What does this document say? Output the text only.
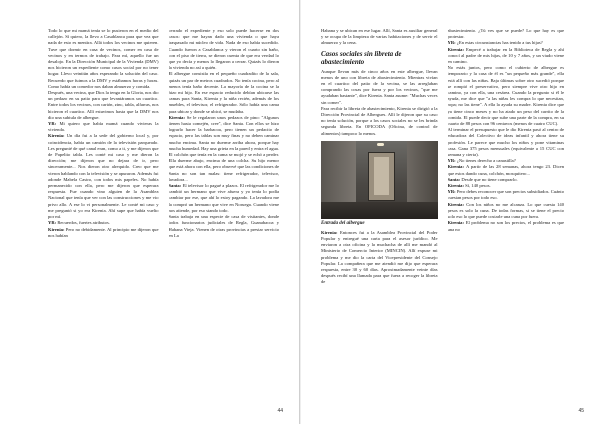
Todo lo que mi mamá tenía se lo pusieron en el medio del callejón. Sí quiero, la llevo a Casablanca para que vea que nada de esto es mentira. Allá todos los vecinos me quieren. Tuve que dormir en casa de vecinos, comer en casa de vecinos y en termos de trabajo. Para mí, aquello fue un desalojo. En la Dirección Municipal de la Vivienda (DMV) nos hicieron un expediente como casos social por no tener hogar. Llevo veintiún años esperando la solución del caso. Recuerdo que fuimos a la DMV y estábamos horas y horas. Como había un comedor nos daban almuerzo y comida.

Después, una vecina, que Dios la tenga en la Gloria, nos dio un pedazo en su patio para que levantáramos un cuartico. Entre todos los vecinos, con cartón, zinc, tabla, alfarras, nos hicieron el cuartico. Allí estuvimos hasta que la DMV nos dio una subtula de albergue.

YR: Mi quiero que había mamá cuando vivieras la vivienda.

Kirenia: Un día fui a la sede del gobierno local y, por coincidencia, había un camión de la televisión parqueado. Les pregunté de qué canal eran, como a ti, y me dijeron que de Papelito tabla. Les conté mi caso y me dieron la dirección; me dijeron que no dejara de ir, pero sinceramente... Nos dieron otro alrequido. Creo que me vieron hablando con la televisión y se apuraron. Además fui adonde Mabela Castro, con todos mis papeles. No había permanecido con ella, pero me dijeron que esperara respuesta. Fue cuando vino alguien de la Asamblea Nacional que tenía que ver con las construcciones y me vio privo allo. A ese lo vi personalmente. Le conté mi caso y me preguntó si yo era Kirenia. Ahí supe que había vuelto por mí.

YR: Recuerdos, fuertes atributos.

Kirenia: Pero no debidamente. Al principio me dijeron que nos habían

cerrado el expediente y eso solo puede hacerse en dos casos: que me hayan dado una vivienda o que haya traspasado mi núcleo de vida. Nada de eso había sucedido. Cuando fueron a Casablanca y vieron el cuarto sin baño, con el piso de tierra, se dieron cuenta de que era verdad lo que yo decía y menos lo llegaron a cerrar. Quizás lo dieron la vivienda no así a quién.

El albergue consistía en el pequeño cuadradito de la sala, quizás un par de metros cuadrados. No tenía cocina, pero al menos tenía baño decente. La mayoría de la cocina se la hizo mi hijo. En ese espacio reducido debían ubicarse las camas para Santa, Kirenia y la niña recién, además de los muebles, el televisor, el refrigerador. Sólo había una cama para ubicar y donde se ubicó, se mudaba.

Kirenia: Se le regalaron unos pedazos de pino: "Algunos tienen hasta comején, cree", dice Santa. Con ellos se hizo lograrlo hacer la barbacoa, pero tienen un pedacito de espacio, pero las tablas son muy finas y no deben caminar mucho encima. Santa no duerme arriba ahora, porque hay mucha humedad. Hay una grieta en la pared y entra el agua. El colchón que tenía en la cama se mojó y se echó a perder. Ella duerme abajo, encima de una colcha. Su hijo menor que está ahora con ella, pero observé que las condiciones de Santa no son tan malas: tiene refrigerador, televisor, lavadora...

Santa: El televisor lo pagué a plazos. El refrigerador me lo cambió un hermano que vive afuera y yo tenía lo podía cambiar por ese, que ahí lo estoy pagando. La lavadora me la compró un hermano que vive en Noruega. Cuando viene nos atiende, por eso stando todo.

Santa trabaja en una especie de casa de visitantes, donde todos funcionarios judiciales de Regla, Guanabacoa y Habana Vieja. Vienen de otras provincias a prestar servicio en La

44

Habana y se ubican en ese lugar. Allí, Santa es auxiliar general y se ocupa de la limpieza de varias habitaciones y de servir el almuerzo y la cena.

Casos sociales sin libreta de abastecimiento

Aunque llevan más de cinco años en este albergue, llevan menos de uno con libreta de abastecimiento. Mientras vivían en el cuartico del patio de la vecina, se las arreglaban comprando las cosas por fuera y por los vecinos, "que me ayudaban bastante", dice Kirenia. Santa asume: "Muchas veces sin comer".

Para recibir la libreta de abastecimiento, Kirenia se dirigió a la Dirección Provincial de Albergues. Allí le dijeron que su caso no tenía solución, porque a los casos sociales no se les brinda segunda libreta. En OFICODA (Oficina, de control de alimentos) tampoco lo menos.

Entrada del albergue

Kirenia: Entonces fui a la Asamblea Provincial del Poder Popular y entregué una carta para el asesor jurídico. Me enviaron a otra oficina y la muchacha de allí me mandó al Ministerio de Comercio Interior (MINCIN). Allí expuse mi problema y me dio la carta del Vicepresidente del Consejo Popular. La compañera que me atendió me dijo que esperara respuesta, entre 30 y 60 días. Aproximadamente veinte días después recibí una llamada para que fuera a recoger la libreta de

abastecimiento. ¿Tú ves que se puede? Lo que hay es que protestar.

YR: ¿En estas circunstancias has tenido a tus hijas?

Kirenia: Empecé a trabajar en la Biblioteca de Regla y ahí conocí al padre de mis hijas, de 10 y 7 años, y un viudo viene en camino.

No estás juntos, pero como el cubierto de albergue es temporario y la casa de él es "un pequeño más grande", ella está allí con las niñas. Baja últimas sobre otro sucedió porque se rompió el preservativo, pero siempre vive otro hijo en camino, ya con ella, una cesárea. Cuando la pregunto si él le ayuda, me dice que "a las niñas les compra lo que necesitan, ropa; no las tiene". A ella la ayuda su madre. Kirenia dice que ya tiene cinco meses y no ha atado un peso del carrito de la comida. El puede decir que sube una parte de la compra, en su cuarto de 88 pesos con 96 centavos (menos de cuatro CUC).

Al terminar el presupuesto que le dio Kirenia pasó al centro de educadora del Colectivo de ideas infantil y ahora tiene su profesión. Le parece que mucho los niños y pone vitaminas casa. Gana 375 pesos mensuales (equivalente a 15 CUC con semana y cierta).

YR: ¿No tienes derecho a canastilla?

Kirenia: A partir de las 28 semanas, ahora tengo 23. Dicen que estos dando cuna, colchón, mosquitero...

Santa: Desde que no tiene comprarlo.

Kirenia: Sí, 140 pesos.

YR: Pero debes reconocer que son precios subsidiados. Cuánto cuestan pesos por todo eso.

Kirenia: Con los niños no me alcanza. Lo que cuesta 140 pesos es solo la cuna. De todas formas, si se tiene el precio solo eso lo que puede costarle una cuna por fuera.

Kirenia: El problema no son los precios, el problema es que una no

45
